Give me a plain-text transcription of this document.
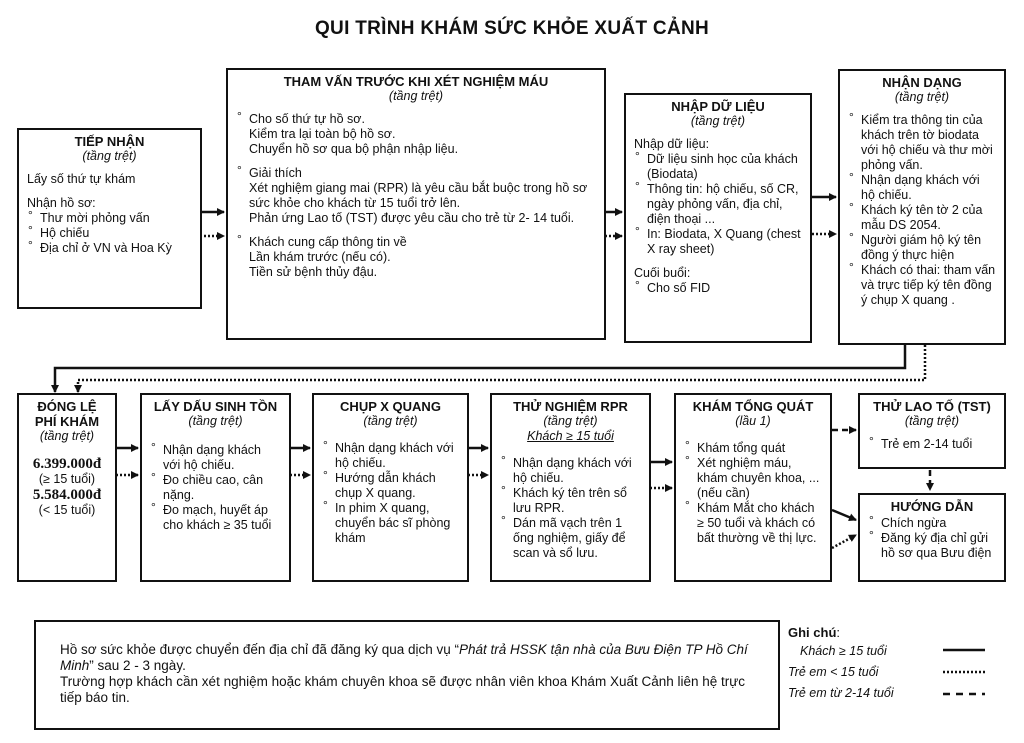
QUI TRÌNH KHÁM SỨC KHỎE XUẤT CẢNH
TIẾP NHẬN
(tầng trệt)

Lấy số thứ tự khám

Nhận hồ sơ:

° Thư mời phỏng vấn
° Hộ chiếu
° Địa chỉ ở VN và Hoa Kỳ
THAM VẤN TRƯỚC KHI XÉT NGHIỆM MÁU
(tầng trệt)

° Cho số thứ tự hồ sơ.

Kiểm tra lại toàn bộ hồ sơ.

Chuyển hồ sơ qua bộ phận nhập liệu.

° Giải thích

Xét nghiệm giang mai (RPR) là yêu cầu bắt buộc trong hồ sơ sức khỏe cho khách từ 15 tuổi trở lên.

Phản ứng Lao tố (TST) được yêu cầu cho trẻ từ 2- 14 tuổi.

° Khách cung cấp thông tin về

Lần khám trước (nếu có).

Tiền sử bệnh thủy đậu.

NHẬP DỮ LIỆU
(tầng trệt)

Nhập dữ liệu:

° Dữ liệu sinh học của khách (Biodata)
° Thông tin: hộ chiếu, số CR, ngày phỏng vấn, địa chỉ, điện thoại ...
° In: Biodata, X Quang (chest X ray sheet)

Cuối buổi:

° Cho số FID
NHẬN DẠNG
(tầng trệt)
° Kiểm tra thông tin của khách trên tờ biodata với hộ chiếu và thư mời phỏng vấn.
° Nhận dạng khách với hộ chiếu.
° Khách ký tên tờ 2 của mẫu DS 2054.
° Người giám hộ ký tên đồng ý thực hiện
° Khách có thai: tham vấn và trực tiếp ký tên đồng ý chụp X quang .
ĐÓNG LỆ
PHÍ KHÁM
(tầng trệt)
6.399.000đ
(≥ 15 tuổi)
5.584.000đ
(< 15 tuổi)
LẤY DẤU SINH TỒN
(tầng trệt)
° Nhận dạng khách với hộ chiếu.
° Đo chiều cao, cân nặng.
° Đo mạch, huyết áp cho khách ≥ 35 tuổi
CHỤP X QUANG
(tầng trệt)
° Nhận dạng khách với hộ chiếu.
° Hướng dẫn khách chụp X quang.
° In phim X quang, chuyển bác sĩ phòng khám
THỬ NGHIỆM RPR
(tầng trệt)
Khách ≥ 15 tuổi
° Nhận dạng khách với hộ chiếu.
° Khách ký tên trên sổ lưu RPR.
° Dán mã vạch trên 1 ống nghiệm, giấy để scan và sổ lưu.
KHÁM TỔNG QUÁT
(lầu 1)
° Khám tổng quát
° Xét nghiệm máu, khám chuyên khoa, ...(nếu cần)
° Khám Mắt cho khách ≥ 50 tuổi và khách có bất thường về thị lực.
THỬ LAO TỐ (TST)
(tầng trệt)
° Trẻ em 2-14 tuổi
HƯỚNG DẪN
° Chích ngừa
° Đăng ký địa chỉ gửi hồ sơ qua Bưu điện

Hồ sơ sức khỏe được chuyển đến địa chỉ đã đăng ký qua dịch vụ “Phát trả HSSK tận nhà của Bưu Điện TP Hồ Chí Minh” sau 2 - 3 ngày.

Trường hợp khách cần xét nghiệm hoặc khám chuyên khoa sẽ được nhân viên khoa Khám Xuất Cảnh liên hệ trực tiếp báo tin.

Ghi chú:
Khách ≥ 15 tuổi
Trẻ em < 15 tuổi
Trẻ em từ 2-14 tuổi
